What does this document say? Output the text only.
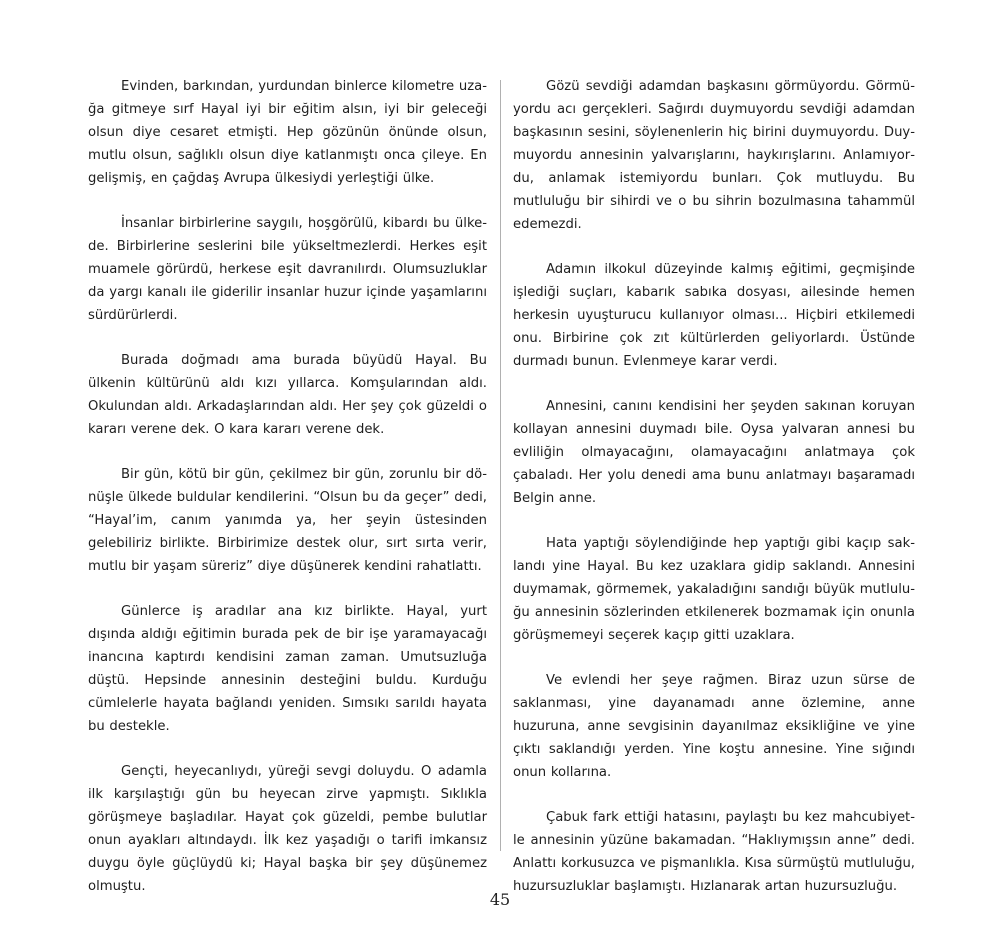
Evinden, barkından, yurdundan binlerce kilometre uzağa gitmeye sırf Hayal iyi bir eğitim alsın, iyi bir geleceği olsun diye cesaret etmişti. Hep gözünün önünde olsun, mutlu olsun, sağlıklı olsun diye katlanmıştı onca çileye. En gelişmiş, en çağdaş Avrupa ülkesiydi yerleştiği ülke.

İnsanlar birbirlerine saygılı, hoşgörülü, kibardı bu ülkede. Birbirlerine seslerini bile yükseltmezlerdi. Herkes eşit muamele görürdü, herkese eşit davranılırdı. Olumsuzluklar da yargı kanalı ile giderilir insanlar huzur içinde yaşamlarını sürdürürlerdi.

Burada doğmadı ama burada büyüdü Hayal. Bu ülkenin kültürünü aldı kızı yıllarca. Komşularından aldı. Okulundan aldı. Arkadaşlarından aldı. Her şey çok güzeldi o kararı verene dek. O kara kararı verene dek.

Bir gün, kötü bir gün, çekilmez bir gün, zorunlu bir dönüşle ülkede buldular kendilerini. “Olsun bu da geçer” dedi, “Hayal’im, canım yanımda ya, her şeyin üstesinden gelebiliriz birlikte. Birbirimize destek olur, sırt sırta verir, mutlu bir yaşam süreriz” diye düşünerek kendini rahatlattı.

Günlerce iş aradılar ana kız birlikte. Hayal, yurt dışında aldığı eğitimin burada pek de bir işe yaramayacağı inancına kaptırdı kendisini zaman zaman. Umutsuzluğa düştü. Hepsinde annesinin desteğini buldu. Kurduğu cümlelerle hayata bağlandı yeniden. Sımsıkı sarıldı hayata bu destekle.

Gençti, heyecanlıydı, yüreği sevgi doluydu. O adamla ilk karşılaştığı gün bu heyecan zirve yapmıştı. Sıklıkla görüşmeye başladılar. Hayat çok güzeldi, pembe bulutlar onun ayakları altındaydı. İlk kez yaşadığı o tarifi imkansız duygu öyle güçlüydü ki; Hayal başka bir şey düşünemez olmuştu.

Gözü sevdiği adamdan başkasını görmüyordu. Görmüyordu acı gerçekleri. Sağırdı duymuyordu sevdiği adamdan başkasının sesini, söylenenlerin hiç birini duymuyordu. Duymuyordu annesinin yalvarışlarını, haykırışlarını. Anlamıyordu, anlamak istemiyordu bunları. Çok mutluydu. Bu mutluluğu bir sihirdi ve o bu sihrin bozulmasına tahammül edemezdi.

Adamın ilkokul düzeyinde kalmış eğitimi, geçmişinde işlediği suçları, kabarık sabıka dosyası, ailesinde hemen herkesin uyuşturucu kullanıyor olması... Hiçbiri etkilemedi onu. Birbirine çok zıt kültürlerden geliyorlardı. Üstünde durmadı bunun. Evlenmeye karar verdi.

Annesini, canını kendisini her şeyden sakınan koruyan kollayan annesini duymadı bile. Oysa yalvaran annesi bu evliliğin olmayacağını, olamayacağını anlatmaya çok çabaladı. Her yolu denedi ama bunu anlatmayı başaramadı Belgin anne.

Hata yaptığı söylendiğinde hep yaptığı gibi kaçıp saklandı yine Hayal. Bu kez uzaklara gidip saklandı. Annesini duymamak, görmemek, yakaladığını sandığı büyük mutluluğu annesinin sözlerinden etkilenerek bozmamak için onunla görüşmemeyi seçerek kaçıp gitti uzaklara.

Ve evlendi her şeye rağmen. Biraz uzun sürse de saklanması, yine dayanamadı anne özlemine, anne huzuruna, anne sevgisinin dayanılmaz eksikliğine ve yine çıktı saklandığı yerden. Yine koştu annesine. Yine sığındı onun kollarına.

Çabuk fark ettiği hatasını, paylaştı bu kez mahcubiyetle annesinin yüzüne bakamadan. “Haklıymışsın anne” dedi. Anlattı korkusuzca ve pişmanlıkla. Kısa sürmüştü mutluluğu, huzursuzluklar başlamıştı. Hızlanarak artan huzursuzluğu.

45
